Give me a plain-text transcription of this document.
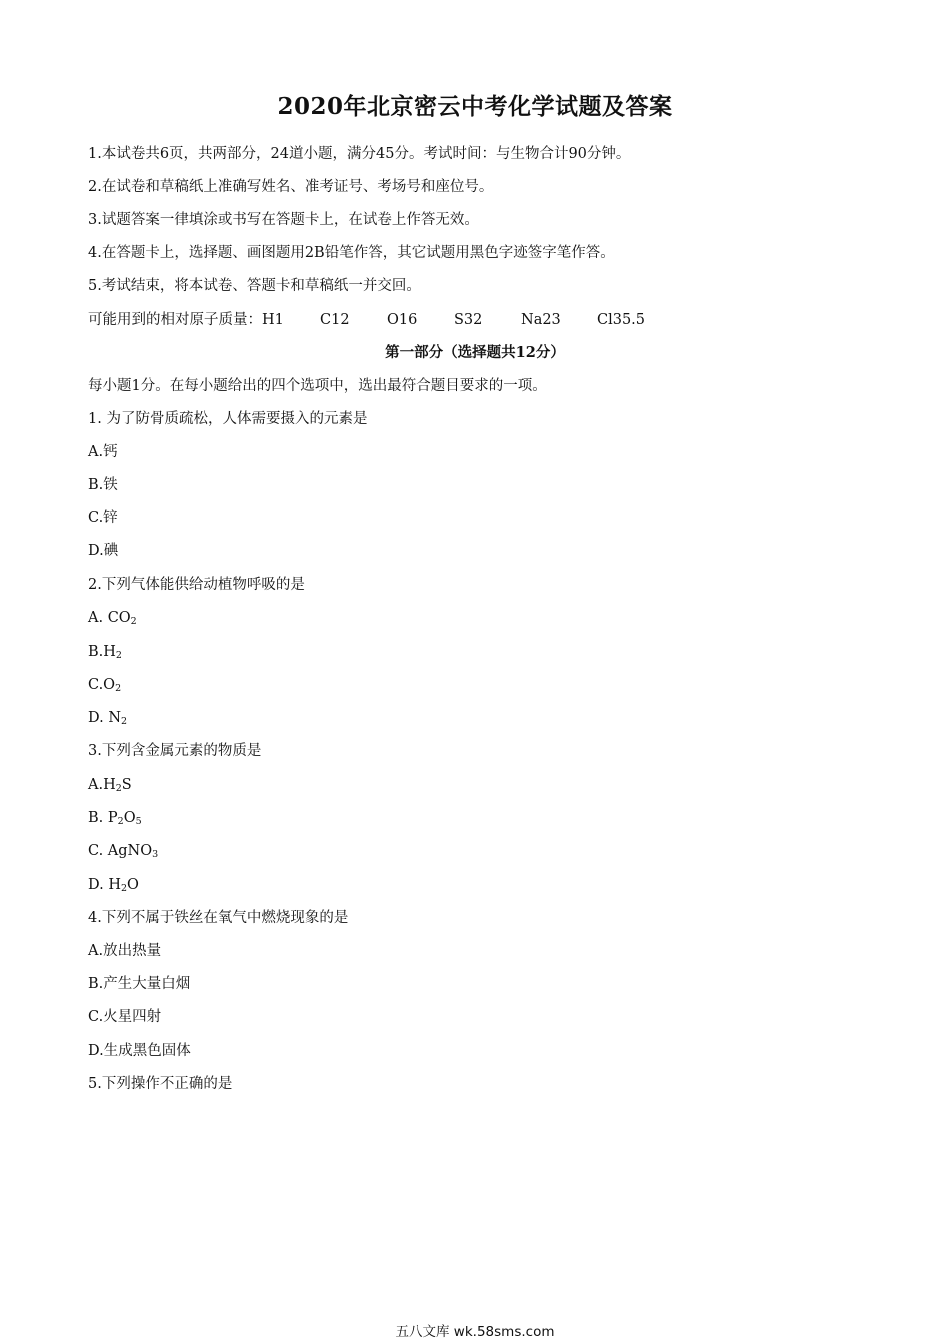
2020年北京密云中考化学试题及答案
1.本试卷共6页，共两部分，24道小题，满分45分。考试时间：与生物合计90分钟。
2.在试卷和草稿纸上准确写姓名、准考证号、考场号和座位号。
3.试题答案一律填涂或书写在答题卡上，在试卷上作答无效。
4.在答题卡上，选择题、画图题用2B铅笔作答，其它试题用黑色字迹签字笔作答。
5.考试结束，将本试卷、答题卡和草稿纸一并交回。
可能用到的相对原子质量：H1 C12	O16	S32	Na23 Cl35.5
第一部分（选择题共12分）
每小题1分。在每小题给出的四个选项中，选出最符合题目要求的一项。
1. 为了防骨质疏松，人体需要摄入的元素是
A.钙
B.铁
C.锌
D.碘
2.下列气体能供给动植物呼吸的是
A. $CO_2$
$B.H_2$
$C.O_2$
D. $N_2$
3.下列含金属元素的物质是
$A.H_2S$
B. $P_2O_5$
C. AgNO$_3$
D. $H_2O$
4.下列不属于铁丝在氧气中燃烧现象的是
A.放出热量
B.产生大量白烟
C.火星四射
D.生成黑色固体
5.下列操作不正确的是
五八文库 wk.58sms.com
